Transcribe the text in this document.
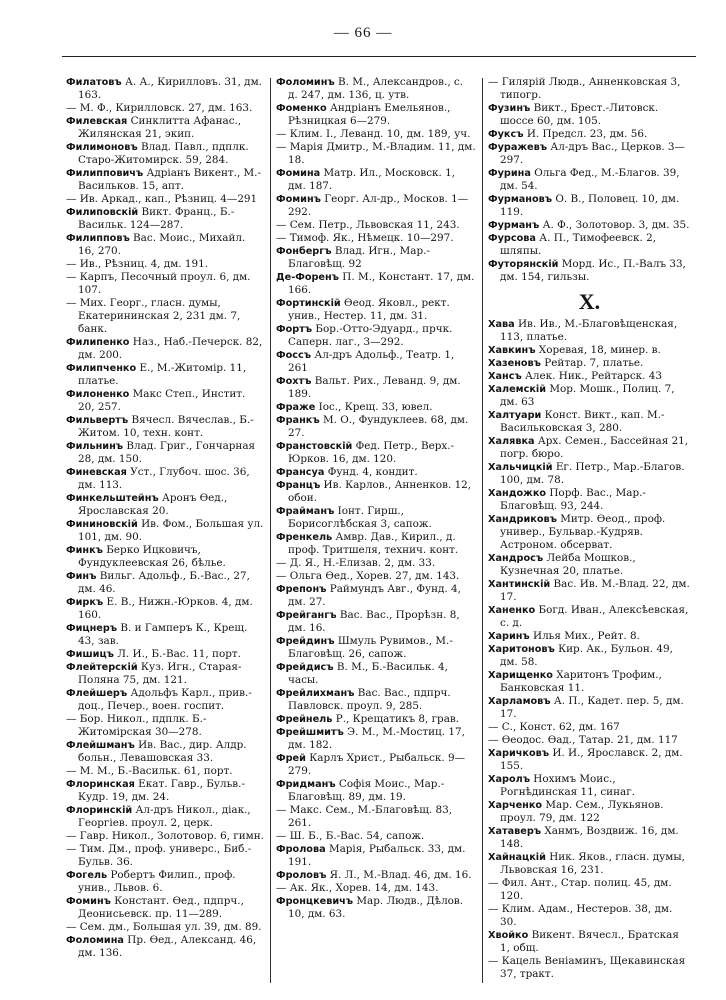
— 66 —

Филатовъ А. А., Кирилловъ. 31, дм. 163.

— М. Ф., Кирилловск. 27, дм. 163.

Филевская Синклитта Афанас., Жилянская 21, экип.

Филимоновъ Влад. Павл., пдплк. Старо-Житомирск. 59, 284.

Филипповичъ Адріанъ Викент., М.-Васильков. 15, апт.

— Ив. Аркад., кап., Рѣзниц. 4—291

Филиповскій Викт. Франц., Б.-Васильк. 124—287.

Филипповъ Вас. Моис., Михайл. 16, 270.

— Ив., Рѣзниц. 4, дм. 191.

— Карпъ, Песочный проул. 6, дм. 107.

— Мих. Георг., гласн. думы, Екатерининская 2, 231 дм. 7, банк.

Филипенко Наз., Наб.-Печерск. 82, дм. 200.

Филипченко Е., М.-Житомір. 11, платье.

Филоненко Макс Степ., Инстит. 20, 257.

Фильвертъ Вячесл. Вячеслав., Б.-Житом. 10, техн. конт.

Фильнинъ Влад. Григ., Гончарная 28, дм. 150.

Финевская Уст., Глубоч. шос. 36, дм. 113.

Финкельштейнъ Аронъ Ѳед., Ярославская 20.

Фининовскій Ив. Фом., Большая ул. 101, дм. 90.

Финкъ Берко Ицковичъ, Фундуклеевская 26, бѣлье.

Финъ Вильг. Адольф., Б.-Вас., 27, дм. 46.

Фиркъ Е. В., Нижн.-Юрков. 4, дм. 160.

Фицнеръ В. и Гамперъ К., Крещ. 43, зав.

Фишицъ Л. И., Б.-Вас. 11, порт.

Флейтерскій Куз. Игн., Старая-Поляна 75, дм. 121.

Флейшеръ Адольфъ Карл., прив.-доц., Печер., воен. госпит.

— Бор. Никол., пдплк. Б.-Житомірская 30—278.

Флейшманъ Ив. Вас., дир. Алдр. больн., Левашовская 33.

— М. М., Б.-Васильк. 61, порт.

Флоринская Екат. Гавр., Бульв.-Кудр. 19, дм. 24.

Флоринскій Ал-дръ Никол., діак., Георгіев. проул. 2, церк.

— Гавр. Никол., Золотовор. 6, гимн.

— Тим. Дм., проф. универс., Биб.-Бульв. 36.

Фогель Робертъ Филип., проф. унив., Львов. 6.

Фоминъ Констант. Ѳед., пдпрч., Деонисьевск. пр. 11—289.

— Сем. дм., Большая ул. 39, дм. 89.

Фоломина Пр. Ѳед., Александ. 46, дм. 136.

Фоломинъ В. М., Александров., с. д. 247, дм. 136, ц. утв.

Фоменко Андріанъ Емельянов., Рѣзницкая 6—279.

— Клим. I., Леванд. 10, дм. 189, уч.

— Марія Дмитр., М.-Владим. 11, дм. 18.

Фомина Матр. Ил., Московск. 1, дм. 187.

Фоминъ Георг. Ал-др., Москов. 1—292.

— Сем. Петр., Львовская 11, 243.

— Тимоф. Як., Нѣмецк. 10—297.

Фонбергъ Влад. Игн., Мар.-Благовѣщ. 92

Де-Форенъ П. М., Констант. 17, дм. 166.

Фортинскій Ѳеод. Яковл., рект. унив., Нестер. 11, дм. 31.

Фортъ Бор.-Отто-Эдуард., прчк. Саперн. лаг., 3—292.

Фоссъ Ал-дръ Адольф., Театр. 1, 261

Фохтъ Вальт. Рих., Леванд. 9, дм. 189.

Фраже Іос., Крещ. 33, ювел.

Франкъ М. О., Фундуклеев. 68, дм. 27.

Франстовскій Фед. Петр., Верх.-Юрков. 16, дм. 120.

Франсуа Фунд. 4, кондит.

Францъ Ив. Карлов., Анненков. 12, обои.

Фрайманъ Іонт. Гирш., Борисоглѣбская 3, сапож.

Френкель Амвр. Дав., Кирил., д. проф. Тритшеля, технич. конт.

— Д. Я., Н.-Елизав. 2, дм. 33.

— Ольга Ѳед., Хорев. 27, дм. 143.

Фрепонъ Раймундъ Авг., Фунд. 4, дм. 27.

Фрейгангъ Вас. Вас., Прорѣзн. 8, дм. 16.

Фрейдинъ Шмуль Рувимов., М.-Благовѣщ. 26, сапож.

Фрейдисъ В. М., Б.-Васильк. 4, часы.

Фрейлихманъ Вас. Вас., пдпрч. Павловск. проул. 9, 285.

Фрейнель Р., Крещатикъ 8, грав.

Фрейшмитъ Э. М., М.-Мостиц. 17, дм. 182.

Фрей Карлъ Христ., Рыбальск. 9—279.

Фридманъ Софія Моис., Мар.-Благовѣщ. 89, дм. 19.

— Макс. Сем., М.-Благовѣщ. 83, 261.

— Ш. Б., Б.-Вас. 54, сапож.

Фролова Марія, Рыбальск. 33, дм. 191.

Фроловъ Я. Л., М.-Влад. 46, дм. 16.

— Ак. Як., Хорев. 14, дм. 143.

Фронцкевичъ Мар. Людв., Дѣлов. 10, дм. 63.

— Гилярій Людв., Анненковская 3, типогр.

Фузинъ Викт., Брест.-Литовск. шоссе 60, дм. 105.

Фуксъ И. Предсл. 23, дм. 56.

Фуражевъ Ал-дръ Вас., Церков. 3—297.

Фурина Ольга Фед., М.-Благов. 39, дм. 54.

Фурмановъ О. В., Половец. 10, дм. 119.

Фурманъ А. Ф., Золотовор. 3, дм. 35.

Фурсова А. П., Тимофеевск. 2, шляпы.

Футорянскій Морд. Ис., П.-Валъ 33, дм. 154, гильзы.

X.

Хава Ив. Ив., М.-Благовѣщенская, 113, платье.

Хавкинъ Хоревая, 18, минер. в.

Хазеновъ Рейтар. 7, платье.

Хансъ Алек. Ник., Рейтарск. 43

Халемскій Мор. Мошк., Полиц. 7, дм. 63

Халтуари Конст. Викт., кап. М.-Васильковская 3, 280.

Халявка Арх. Семен., Бассейная 21, погр. бюро.

Хальчицкій Ег. Петр., Мар.-Благов. 100, дм. 78.

Хандожко Порф. Вас., Мар.-Благовѣщ. 93, 244.

Хандриковъ Митр. Ѳеод., проф. универ., Бульвар.-Кудряв. Астроном. обсерват.

Хандросъ Лейба Мошков., Кузнечная 20, платье.

Хантинскій Вас. Ив. М.-Влад. 22, дм. 17.

Ханенко Богд. Иван., Алексѣевская, с. д.

Харинъ Илья Мих., Рейт. 8.

Харитоновъ Кир. Ак., Бульон. 49, дм. 58.

Харищенко Харитонъ Трофим., Банковская 11.

Харламовъ А. П., Кадет. пер. 5, дм. 17.

— С., Конст. 62, дм. 167

— Ѳеодос. Ѳад., Татар. 21, дм. 117

Харичковъ И. И., Ярославск. 2, дм. 155.

Харолъ Нохимъ Моис., Рогнѣдинская 11, синаг.

Харченко Мар. Сем., Лукьянов. проул. 79, дм. 122

Хатаверъ Ханмъ, Воздвиж. 16, дм. 148.

Хайнацкій Ник. Яков., гласн. думы, Львовская 16, 231.

— Фил. Ант., Стар. полиц. 45, дм. 120.

— Клим. Адам., Нестеров. 38, дм. 30.

Хвойко Викент. Вячесл., Братская 1, общ.

— Кацель Веніаминъ, Щекавинская 37, тракт.
